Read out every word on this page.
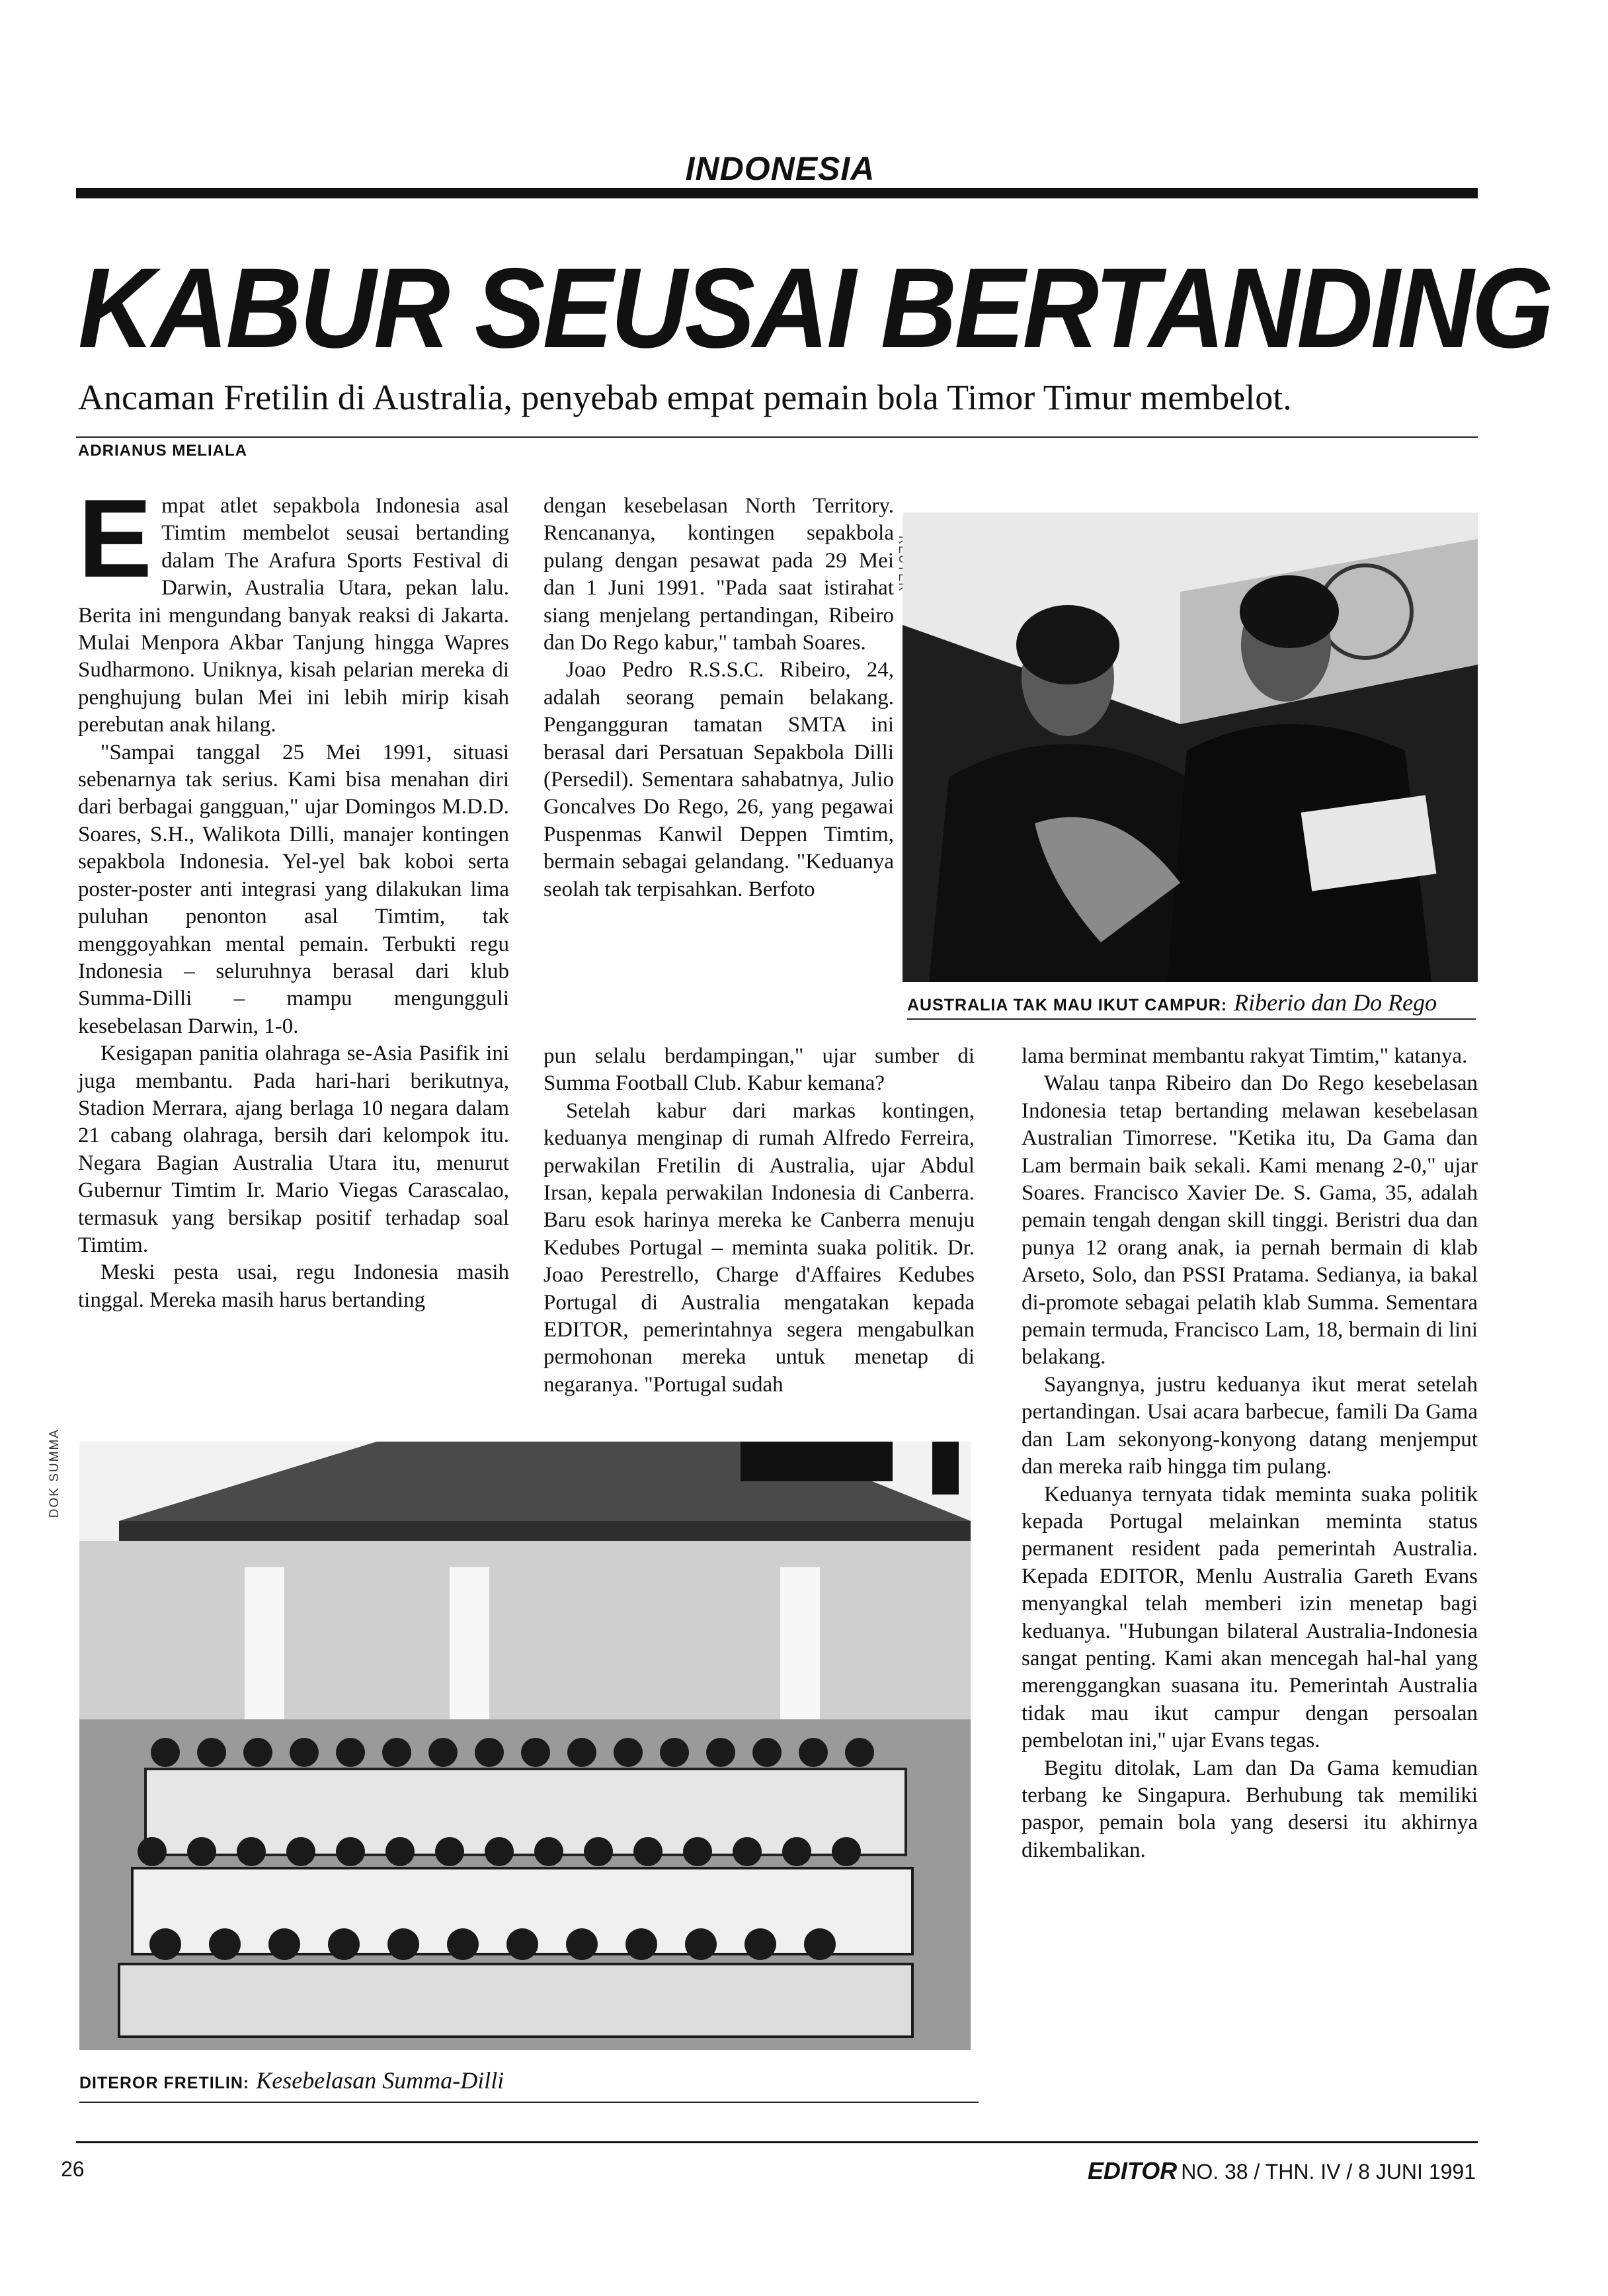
INDONESIA
KABUR SEUSAI BERTANDING
Ancaman Fretilin di Australia, penyebab empat pemain bola Timor Timur membelot.
ADRIANUS MELIALA

Empat atlet sepakbola Indonesia asal Timtim membelot seusai bertanding dalam The Arafura Sports Festival di Darwin, Australia Utara, pekan lalu. Berita ini mengundang banyak reaksi di Jakarta. Mulai Menpora Akbar Tanjung hingga Wapres Sudharmono. Uniknya, kisah pelarian mereka di penghujung bulan Mei ini lebih mirip kisah perebutan anak hilang.

"Sampai tanggal 25 Mei 1991, situasi sebenarnya tak serius. Kami bisa menahan diri dari berbagai gangguan," ujar Domingos M.D.D. Soares, S.H., Walikota Dilli, manajer kontingen sepakbola Indonesia. Yel-yel bak koboi serta poster-poster anti integrasi yang dilakukan lima puluhan penonton asal Timtim, tak menggoyahkan mental pemain. Terbukti regu Indonesia – seluruhnya berasal dari klub Summa-Dilli – mampu mengungguli kesebelasan Darwin, 1-0.

Kesigapan panitia olahraga se-Asia Pasifik ini juga membantu. Pada hari-hari berikutnya, Stadion Merrara, ajang berlaga 10 negara dalam 21 cabang olahraga, bersih dari kelompok itu. Negara Bagian Australia Utara itu, menurut Gubernur Timtim Ir. Mario Viegas Carascalao, termasuk yang bersikap positif terhadap soal Timtim.

Meski pesta usai, regu Indonesia masih tinggal. Mereka masih harus bertanding

dengan kesebelasan North Territory. Rencananya, kontingen sepakbola pulang dengan pesawat pada 29 Mei dan 1 Juni 1991. "Pada saat istirahat siang menjelang pertandingan, Ribeiro dan Do Rego kabur," tambah Soares.

Joao Pedro R.S.S.C. Ribeiro, 24, adalah seorang pemain belakang. Pengangguran tamatan SMTA ini berasal dari Persatuan Sepakbola Dilli (Persedil). Sementara sahabatnya, Julio Goncalves Do Rego, 26, yang pegawai Puspenmas Kanwil Deppen Timtim, bermain sebagai gelandang. "Keduanya seolah tak terpisahkan. Berfoto

pun selalu berdampingan," ujar sumber di Summa Football Club. Kabur kemana?

Setelah kabur dari markas kontingen, keduanya menginap di rumah Alfredo Ferreira, perwakilan Fretilin di Australia, ujar Abdul Irsan, kepala perwakilan Indonesia di Canberra. Baru esok harinya mereka ke Canberra menuju Kedubes Portugal – meminta suaka politik. Dr. Joao Perestrello, Charge d'Affaires Kedubes Portugal di Australia mengatakan kepada EDITOR, pemerintahnya segera mengabulkan permohonan mereka untuk menetap di negaranya. "Portugal sudah

lama berminat membantu rakyat Timtim," katanya.

Walau tanpa Ribeiro dan Do Rego kesebelasan Indonesia tetap bertanding melawan kesebelasan Australian Timorrese. "Ketika itu, Da Gama dan Lam bermain baik sekali. Kami menang 2-0," ujar Soares. Francisco Xavier De. S. Gama, 35, adalah pemain tengah dengan skill tinggi. Beristri dua dan punya 12 orang anak, ia pernah bermain di klab Arseto, Solo, dan PSSI Pratama. Sedianya, ia bakal di-promote sebagai pelatih klab Summa. Sementara pemain termuda, Francisco Lam, 18, bermain di lini belakang.

Sayangnya, justru keduanya ikut merat setelah pertandingan. Usai acara barbecue, famili Da Gama dan Lam sekonyong-konyong datang menjemput dan mereka raib hingga tim pulang.

Keduanya ternyata tidak meminta suaka politik kepada Portugal melainkan meminta status permanent resident pada pemerintah Australia. Kepada EDITOR, Menlu Australia Gareth Evans menyangkal telah memberi izin menetap bagi keduanya. "Hubungan bilateral Australia-Indonesia sangat penting. Kami akan mencegah hal-hal yang merenggangkan suasana itu. Pemerintah Australia tidak mau ikut campur dengan persoalan pembelotan ini," ujar Evans tegas.

Begitu ditolak, Lam dan Da Gama kemudian terbang ke Singapura. Berhubung tak memiliki paspor, pemain bola yang desersi itu akhirnya dikembalikan.

AUSTRALIA TAK MAU IKUT CAMPUR: Riberio dan Do Rego
DOK SUMMA
DITEROR FRETILIN: Kesebelasan Summa-Dilli
26	EDITOR NO. 38 / THN. IV / 8 JUNI 1991
